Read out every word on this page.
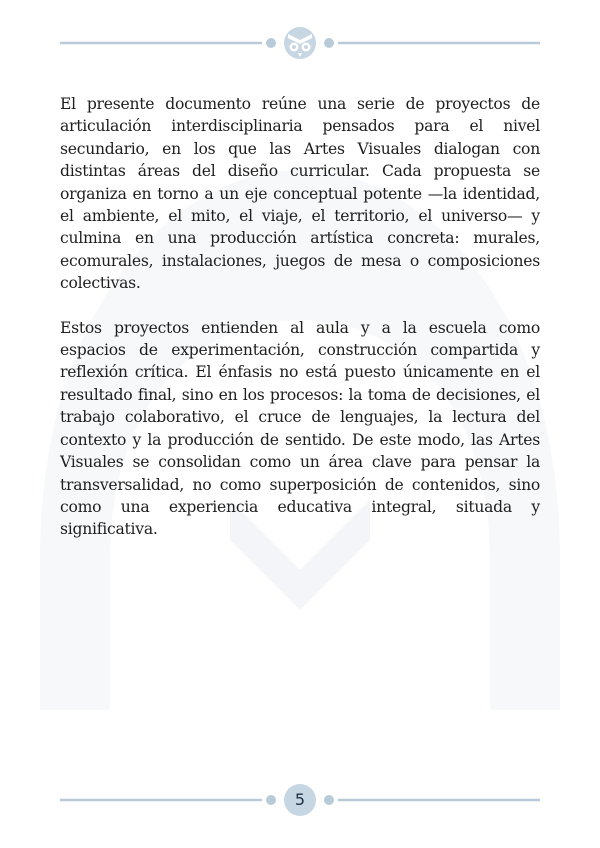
El presente documento reúne una serie de proyectos de articulación interdisciplinaria pensados para el nivel secundario, en los que las Artes Visuales dialogan con distintas áreas del diseño curricular. Cada propuesta se organiza en torno a un eje conceptual potente —la identidad, el ambiente, el mito, el viaje, el territorio, el universo— y culmina en una producción artística concreta: murales, ecomurales, instalaciones, juegos de mesa o composiciones colectivas.

Estos proyectos entienden al aula y a la escuela como espacios de experimentación, construcción compartida y reflexión crítica. El énfasis no está puesto únicamente en el resultado final, sino en los procesos: la toma de decisiones, el trabajo colaborativo, el cruce de lenguajes, la lectura del contexto y la producción de sentido. De este modo, las Artes Visuales se consolidan como un área clave para pensar la transversalidad, no como superposición de contenidos, sino como una experiencia educativa integral, situada y significativa.

5
